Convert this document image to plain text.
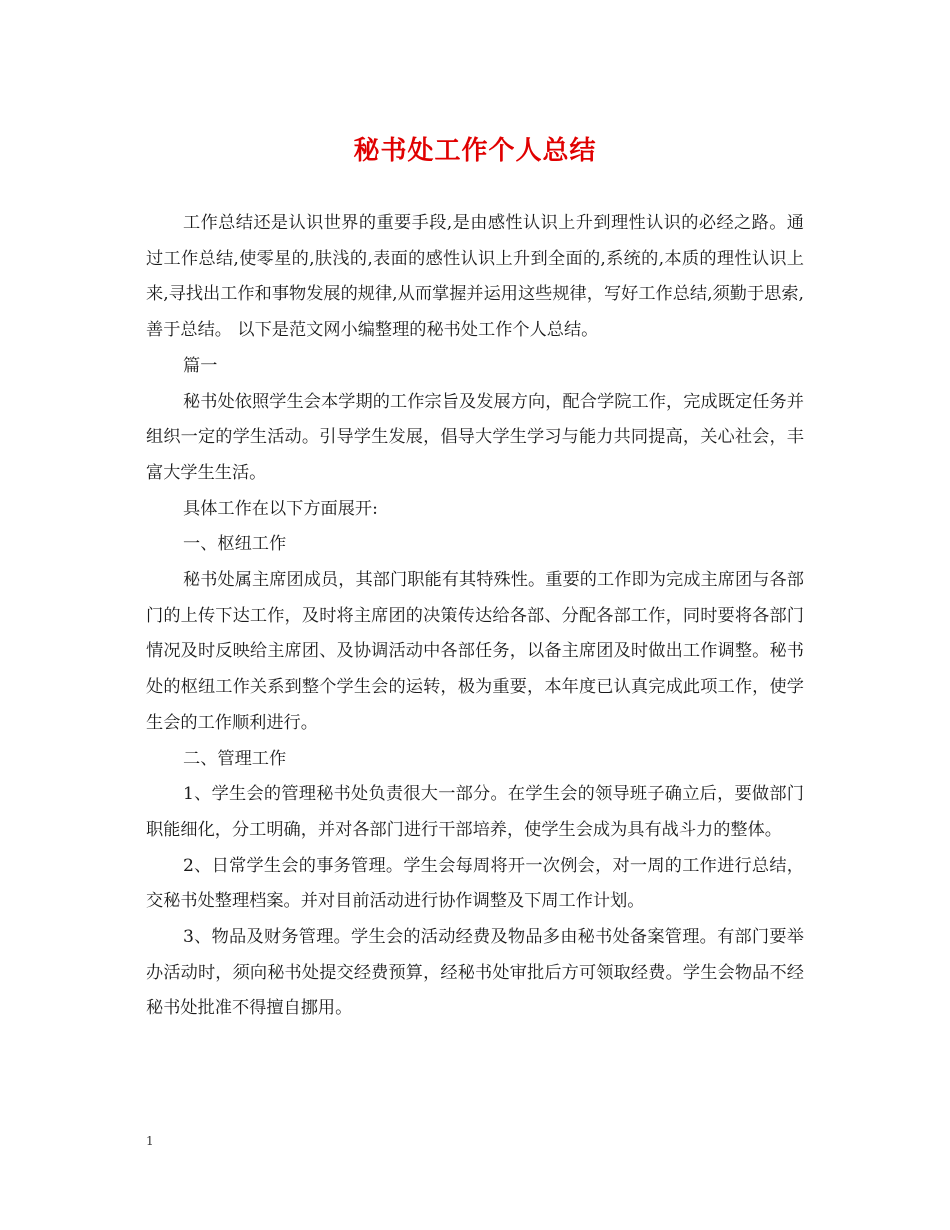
秘书处工作个人总结

工作总结还是认识世界的重要手段,是由感性认识上升到理性认识的必经之路。通过工作总结,使零星的,肤浅的,表面的感性认识上升到全面的,系统的,本质的理性认识上来,寻找出工作和事物发展的规律,从而掌握并运用这些规律，写好工作总结,须勤于思索,善于总结。 以下是范文网小编整理的秘书处工作个人总结。

篇一

秘书处依照学生会本学期的工作宗旨及发展方向，配合学院工作，完成既定任务并组织一定的学生活动。引导学生发展，倡导大学生学习与能力共同提高，关心社会，丰富大学生生活。

具体工作在以下方面展开:

一、枢纽工作

秘书处属主席团成员，其部门职能有其特殊性。重要的工作即为完成主席团与各部门的上传下达工作，及时将主席团的决策传达给各部、分配各部工作，同时要将各部门情况及时反映给主席团、及协调活动中各部任务，以备主席团及时做出工作调整。秘书处的枢纽工作关系到整个学生会的运转，极为重要，本年度已认真完成此项工作，使学生会的工作顺利进行。

二、管理工作

1、学生会的管理秘书处负责很大一部分。在学生会的领导班子确立后，要做部门职能细化，分工明确，并对各部门进行干部培养，使学生会成为具有战斗力的整体。

2、日常学生会的事务管理。学生会每周将开一次例会，对一周的工作进行总结，交秘书处整理档案。并对目前活动进行协作调整及下周工作计划。

3、物品及财务管理。学生会的活动经费及物品多由秘书处备案管理。有部门要举办活动时，须向秘书处提交经费预算，经秘书处审批后方可领取经费。学生会物品不经秘书处批准不得擅自挪用。

1
